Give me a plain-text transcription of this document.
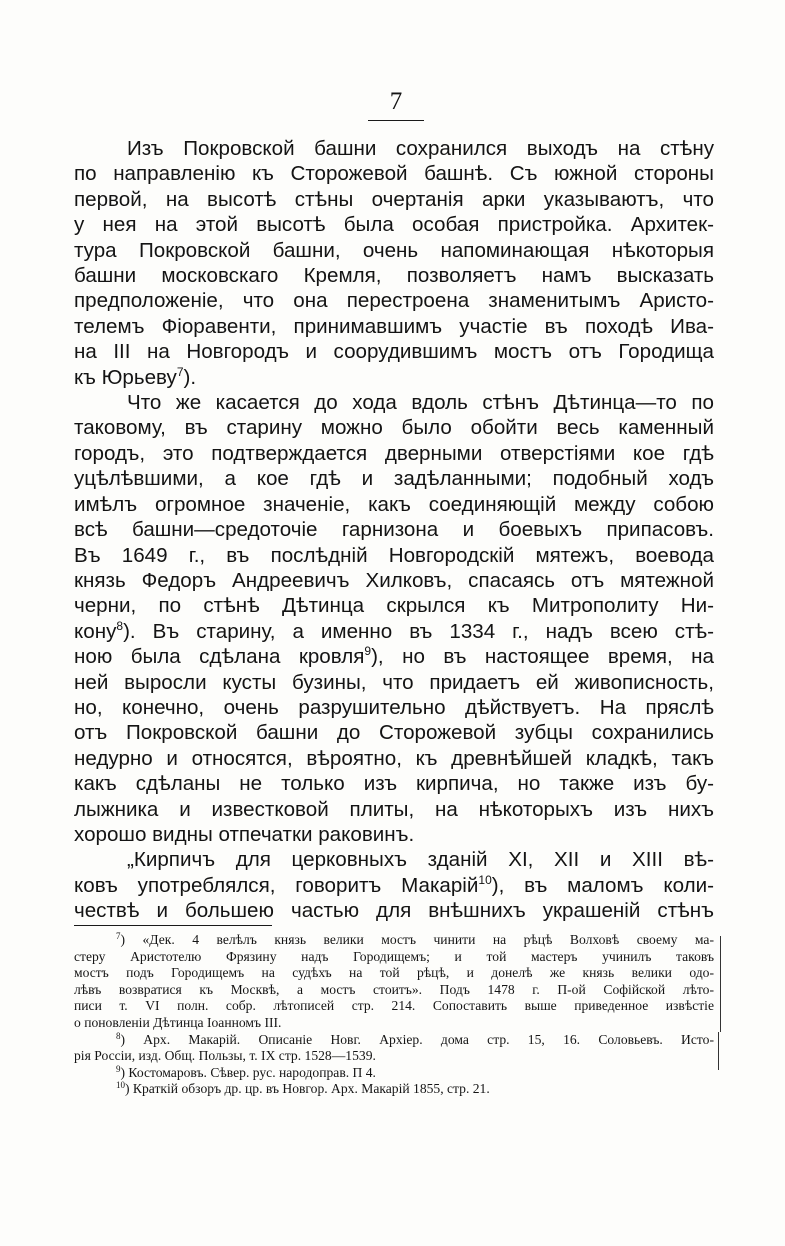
7

Изъ Покровской башни сохранился выходъ на стѣну

по направленію къ Сторожевой башнѣ. Съ южной стороны

первой, на высотѣ стѣны очертанія арки указываютъ, что

у нея на этой высотѣ была особая пристройка. Архитек-

тура Покровской башни, очень напоминающая нѣкоторыя

башни московскаго Кремля, позволяетъ намъ высказать

предположеніе, что она перестроена знаменитымъ Аристо-

телемъ Фіоравенти, принимавшимъ участіе въ походѣ Ива-

на III на Новгородъ и соорудившимъ мостъ отъ Городища

къ Юрьеву$^7$).

Что же касается до хода вдоль стѣнъ Дѣтинца—то по

таковому, въ старину можно было обойти весь каменный

городъ, это подтверждается дверными отверстіями кое гдѣ

уцѣлѣвшими, а кое гдѣ и задѣланными; подобный ходъ

имѣлъ огромное значеніе, какъ соединяющій между собою

всѣ башни—средоточіе гарнизона и боевыхъ припасовъ.

Въ 1649 г., въ послѣдній Новгородскій мятежъ, воевода

князь Федоръ Андреевичъ Хилковъ, спасаясь отъ мятежной

черни, по стѣнѣ Дѣтинца скрылся къ Митрополиту Ни-

кону$^8$). Въ старину, а именно въ 1334 г., надъ всею стѣ-

ною была сдѣлана кровля$^9$), но въ настоящее время, на

ней выросли кусты бузины, что придаетъ ей живописность,

но, конечно, очень разрушительно дѣйствуетъ. На пряслѣ

отъ Покровской башни до Сторожевой зубцы сохранились

недурно и относятся, вѣроятно, къ древнѣйшей кладкѣ, такъ

какъ сдѣланы не только изъ кирпича, но также изъ бу-

лыжника и известковой плиты, на нѣкоторыхъ изъ нихъ

хорошо видны отпечатки раковинъ.

„Кирпичъ для церковныхъ зданій XI, XII и XIII вѣ-

ковъ употреблялся, говоритъ Макарій$^{10}$), въ маломъ коли-

чествѣ и большею частью для внѣшнихъ украшеній стѣнъ

$^7$) «Дек. 4 велѣлъ князь велики мостъ чинити на рѣцѣ Волховѣ своему ма-

стеру Аристотелю Фрязину надъ Городищемъ; и той мастеръ учинилъ таковъ

мостъ подъ Городищемъ на судѣхъ на той рѣцѣ, и донелѣ же князь велики одо-

лѣвъ возвратися къ Москвѣ, а мостъ стоитъ». Подъ 1478 г. П-ой Софійской лѣто-

писи т. VI полн. собр. лѣтописей стр. 214. Сопоставить выше приведенное извѣстіе

о поновленіи Дѣтинца Іоанномъ III.

$^8$) Арх. Макарій. Описаніе Новг. Архіер. дома стр. 15, 16. Соловьевъ. Исто-

рія Россіи, изд. Общ. Пользы, т. IX стр. 1528—1539.

$^9$) Костомаровъ. Сѣвер. рус. народоправ. П 4.

$^{10}$) Краткій обзоръ др. цр. въ Новгор. Арх. Макарій 1855, стр. 21.
